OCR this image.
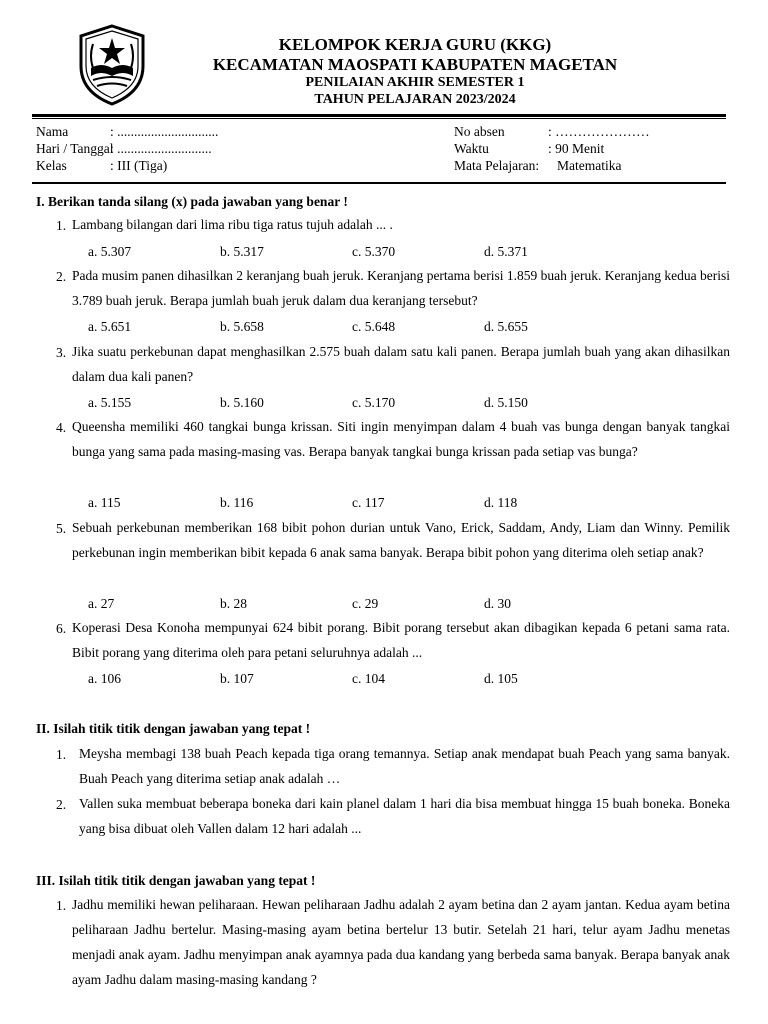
KELOMPOK KERJA GURU (KKG)
KECAMATAN MAOSPATI KABUPATEN MAGETAN
PENILAIAN AKHIR SEMESTER 1
TAHUN PELAJARAN 2023/2024
Nama	: ..............................
Hari / Tanggal
: ............................
Kelas	: III (Tiga)
No absen	: …………………
Waktu	: 90 Menit
Mata Pelajaran: Matematika
I. Berikan tanda silang (x) pada jawaban yang benar !
1. Lambang bilangan dari lima ribu tiga ratus tujuh adalah ... .
a. 5.307	b. 5.317	c. 5.370	d. 5.371
2. Pada musim panen dihasilkan 2 keranjang buah jeruk. Keranjang pertama berisi 1.859 buah jeruk. Keranjang kedua berisi 3.789 buah jeruk. Berapa jumlah buah jeruk dalam dua keranjang tersebut?
a. 5.651	b. 5.658	c. 5.648	d. 5.655
3. Jika suatu perkebunan dapat menghasilkan 2.575 buah dalam satu kali panen. Berapa jumlah buah yang akan dihasilkan dalam dua kali panen?
a. 5.155	b. 5.160	c. 5.170	d. 5.150
4. Queensha memiliki 460 tangkai bunga krissan. Siti ingin menyimpan dalam 4 buah vas bunga dengan banyak tangkai bunga yang sama pada masing-masing vas. Berapa banyak tangkai bunga krissan pada setiap vas bunga?
a. 115	b. 116	c. 117	d. 118
5. Sebuah perkebunan memberikan 168 bibit pohon durian untuk Vano, Erick, Saddam, Andy, Liam dan Winny. Pemilik perkebunan ingin memberikan bibit kepada 6 anak sama banyak. Berapa bibit pohon yang diterima oleh setiap anak?
a. 27	b. 28	c. 29	d. 30
6. Koperasi Desa Konoha mempunyai 624 bibit porang. Bibit porang tersebut akan dibagikan kepada 6 petani sama rata. Bibit porang yang diterima oleh para petani seluruhnya adalah ...
a. 106	b. 107	c. 104	d. 105
II. Isilah titik titik dengan jawaban yang tepat !
1. Meysha membagi 138 buah Peach kepada tiga orang temannya. Setiap anak mendapat buah Peach yang sama banyak. Buah Peach yang diterima setiap anak adalah …
2. Vallen suka membuat beberapa boneka dari kain planel dalam 1 hari dia bisa membuat hingga 15 buah boneka. Boneka yang bisa dibuat oleh Vallen dalam 12 hari adalah ...
III. Isilah titik titik dengan jawaban yang tepat !
1. Jadhu memiliki hewan peliharaan. Hewan peliharaan Jadhu adalah 2 ayam betina dan 2 ayam jantan. Kedua ayam betina peliharaan Jadhu bertelur. Masing-masing ayam betina bertelur 13 butir. Setelah 21 hari, telur ayam Jadhu menetas menjadi anak ayam. Jadhu menyimpan anak ayamnya pada dua kandang yang berbeda sama banyak. Berapa banyak anak ayam Jadhu dalam masing-masing kandang ?
